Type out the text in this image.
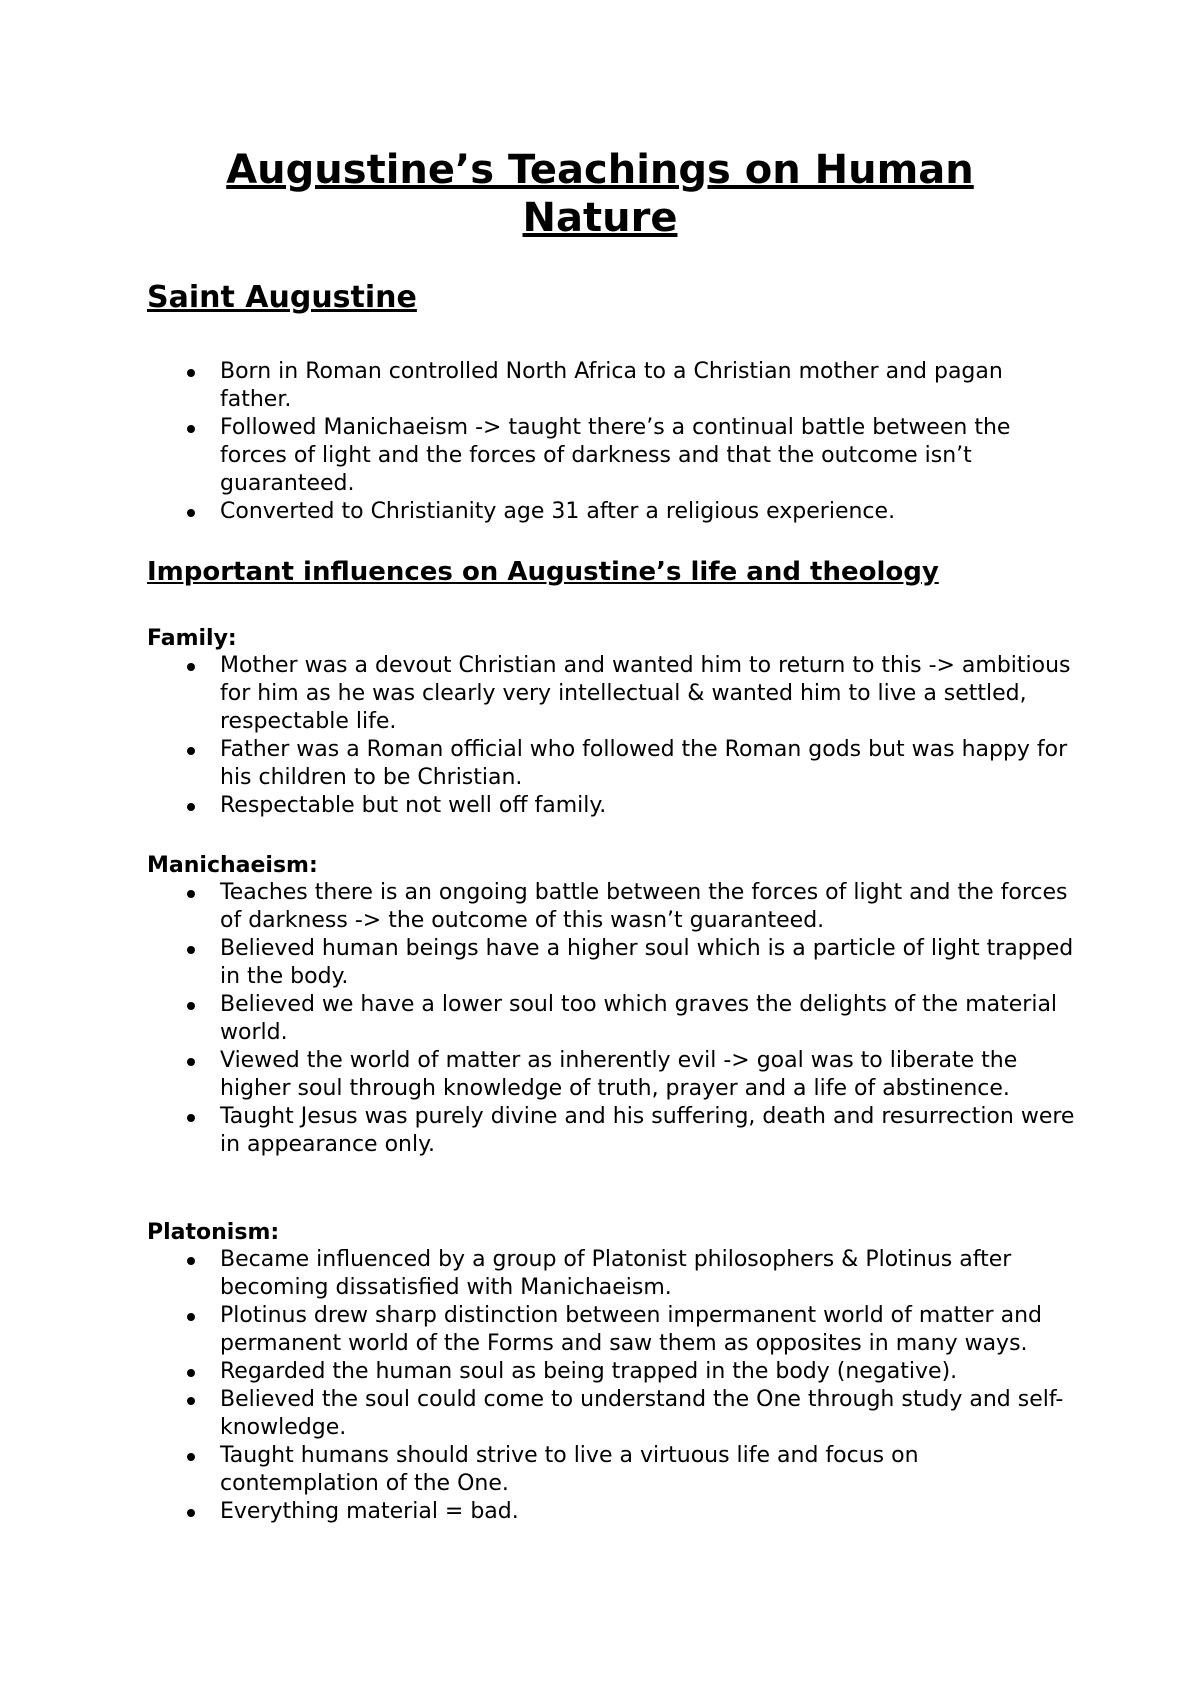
Augustine’s Teachings on Human
Nature
Saint Augustine
Born in Roman controlled North Africa to a Christian mother and pagan father.
Followed Manichaeism -> taught there’s a continual battle between the forces of light and the forces of darkness and that the outcome isn’t guaranteed.
Converted to Christianity age 31 after a religious experience.
Important influences on Augustine’s life and theology
Family:
Mother was a devout Christian and wanted him to return to this -> ambitious for him as he was clearly very intellectual & wanted him to live a settled, respectable life.
Father was a Roman official who followed the Roman gods but was happy for his children to be Christian.
Respectable but not well off family.
Manichaeism:
Teaches there is an ongoing battle between the forces of light and the forces of darkness -> the outcome of this wasn’t guaranteed.
Believed human beings have a higher soul which is a particle of light trapped in the body.
Believed we have a lower soul too which graves the delights of the material world.
Viewed the world of matter as inherently evil -> goal was to liberate the higher soul through knowledge of truth, prayer and a life of abstinence.
Taught Jesus was purely divine and his suffering, death and resurrection were in appearance only.
Platonism:
Became influenced by a group of Platonist philosophers & Plotinus after becoming dissatisfied with Manichaeism.
Plotinus drew sharp distinction between impermanent world of matter and permanent world of the Forms and saw them as opposites in many ways.
Regarded the human soul as being trapped in the body (negative).
Believed the soul could come to understand the One through study and self-knowledge.
Taught humans should strive to live a virtuous life and focus on contemplation of the One.
Everything material = bad.
